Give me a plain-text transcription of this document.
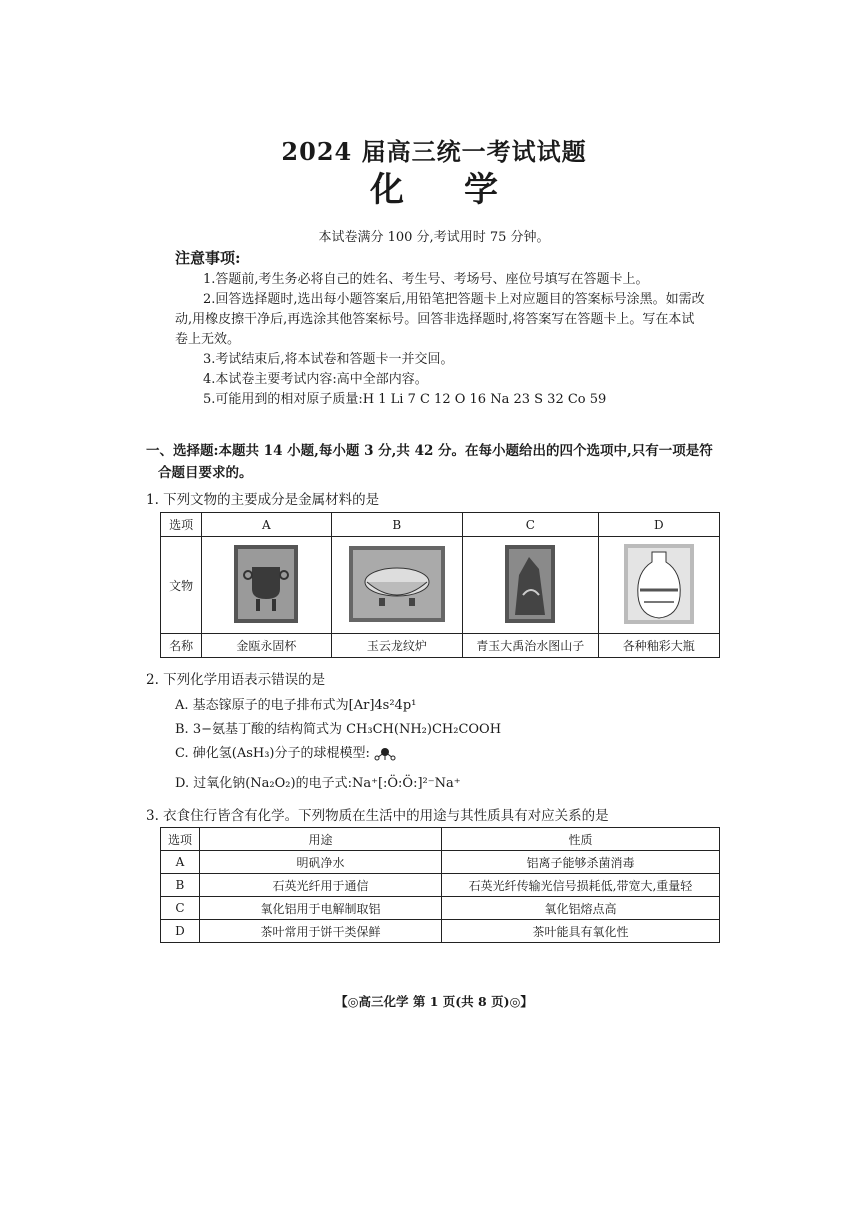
2024 届高三统一考试试题
化学
本试卷满分 100 分,考试用时 75 分钟。
注意事项:

1.答题前,考生务必将自己的姓名、考生号、考场号、座位号填写在答题卡上。

2.回答选择题时,选出每小题答案后,用铅笔把答题卡上对应题目的答案标号涂黑。如需改动,用橡皮擦干净后,再选涂其他答案标号。回答非选择题时,将答案写在答题卡上。写在本试卷上无效。

3.考试结束后,将本试卷和答题卡一并交回。

4.本试卷主要考试内容:高中全部内容。

5.可能用到的相对原子质量:H 1 Li 7 C 12 O 16 Na 23 S 32 Co 59

一、选择题:本题共 14 小题,每小题 3 分,共 42 分。在每小题给出的四个选项中,只有一项是符
合题目要求的。
1. 下列文物的主要成分是金属材料的是
选项	A	B	C	D
文物				
名称	金瓯永固杯	玉云龙纹炉	青玉大禹治水图山子	各种釉彩大瓶
2. 下列化学用语表示错误的是
A. 基态镓原子的电子排布式为[Ar]4s²4p¹
B. 3−氨基丁酸的结构简式为 CH₃CH(NH₂)CH₂COOH
C. 砷化氢(AsH₃)分子的球棍模型:
D. 过氧化钠(Na₂O₂)的电子式:Na⁺[:Ö:Ö:]²⁻Na⁺
3. 衣食住行皆含有化学。下列物质在生活中的用途与其性质具有对应关系的是
选项	用途	性质
A	明矾净水	铝离子能够杀菌消毒
B	石英光纤用于通信	石英光纤传输光信号损耗低,带宽大,重量轻
C	氧化铝用于电解制取铝	氧化铝熔点高
D	茶叶常用于饼干类保鲜	茶叶能具有氧化性
【◎高三化学 第 1 页(共 8 页)◎】
